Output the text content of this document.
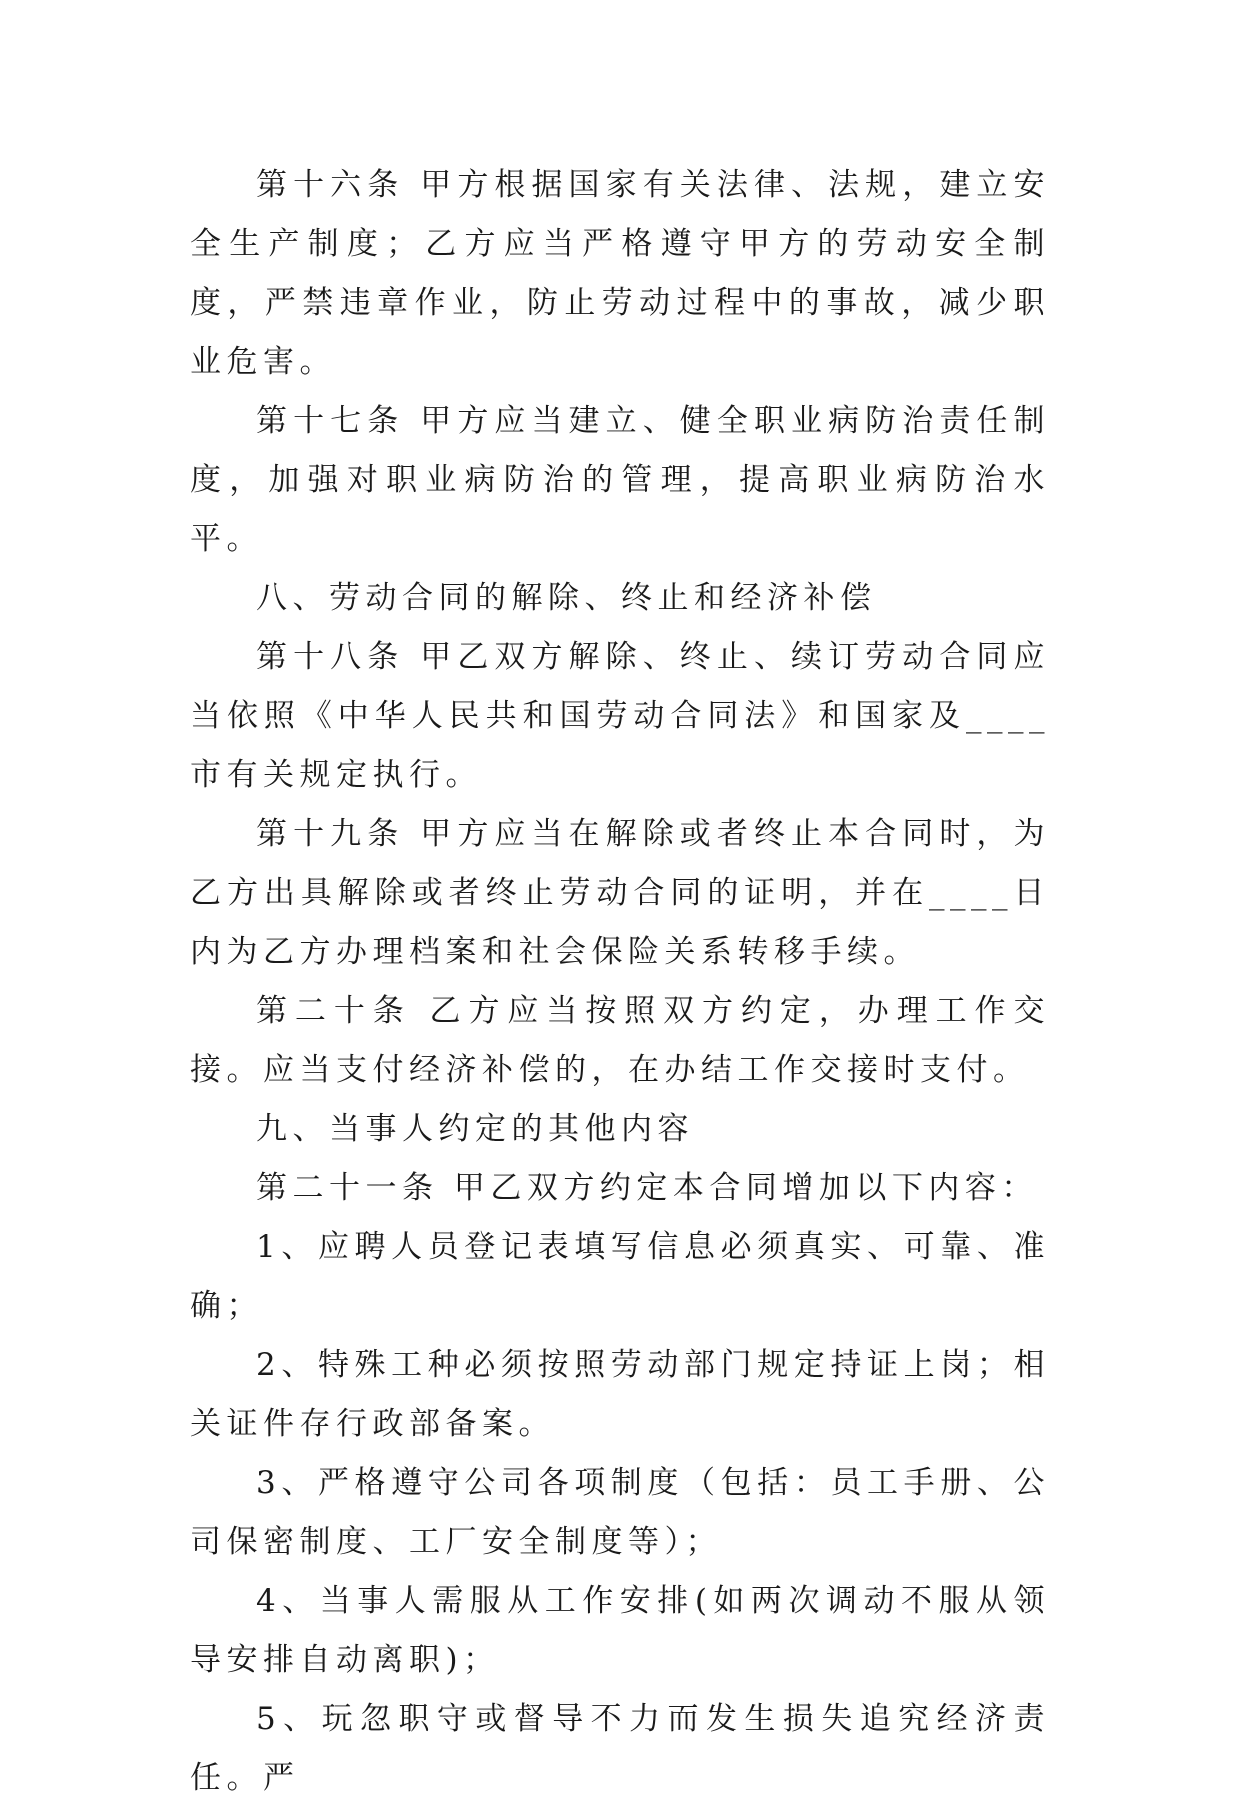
第十六条 甲方根据国家有关法律、法规，建立安全生产制度；乙方应当严格遵守甲方的劳动安全制度，严禁违章作业，防止劳动过程中的事故，减少职业危害。

第十七条 甲方应当建立、健全职业病防治责任制度，加强对职业病防治的管理，提高职业病防治水平。

八、劳动合同的解除、终止和经济补偿

第十八条 甲乙双方解除、终止、续订劳动合同应当依照《中华人民共和国劳动合同法》和国家及____市有关规定执行。

第十九条 甲方应当在解除或者终止本合同时，为乙方出具解除或者终止劳动合同的证明，并在____日内为乙方办理档案和社会保险关系转移手续。

第二十条 乙方应当按照双方约定，办理工作交接。应当支付经济补偿的，在办结工作交接时支付。

九、当事人约定的其他内容

第二十一条 甲乙双方约定本合同增加以下内容：

1、应聘人员登记表填写信息必须真实、可靠、准确；

2、特殊工种必须按照劳动部门规定持证上岗；相关证件存行政部备案。

3、严格遵守公司各项制度（包括：员工手册、公司保密制度、工厂安全制度等）；

4、当事人需服从工作安排(如两次调动不服从领导安排自动离职)；

5、玩忽职守或督导不力而发生损失追究经济责任。严
